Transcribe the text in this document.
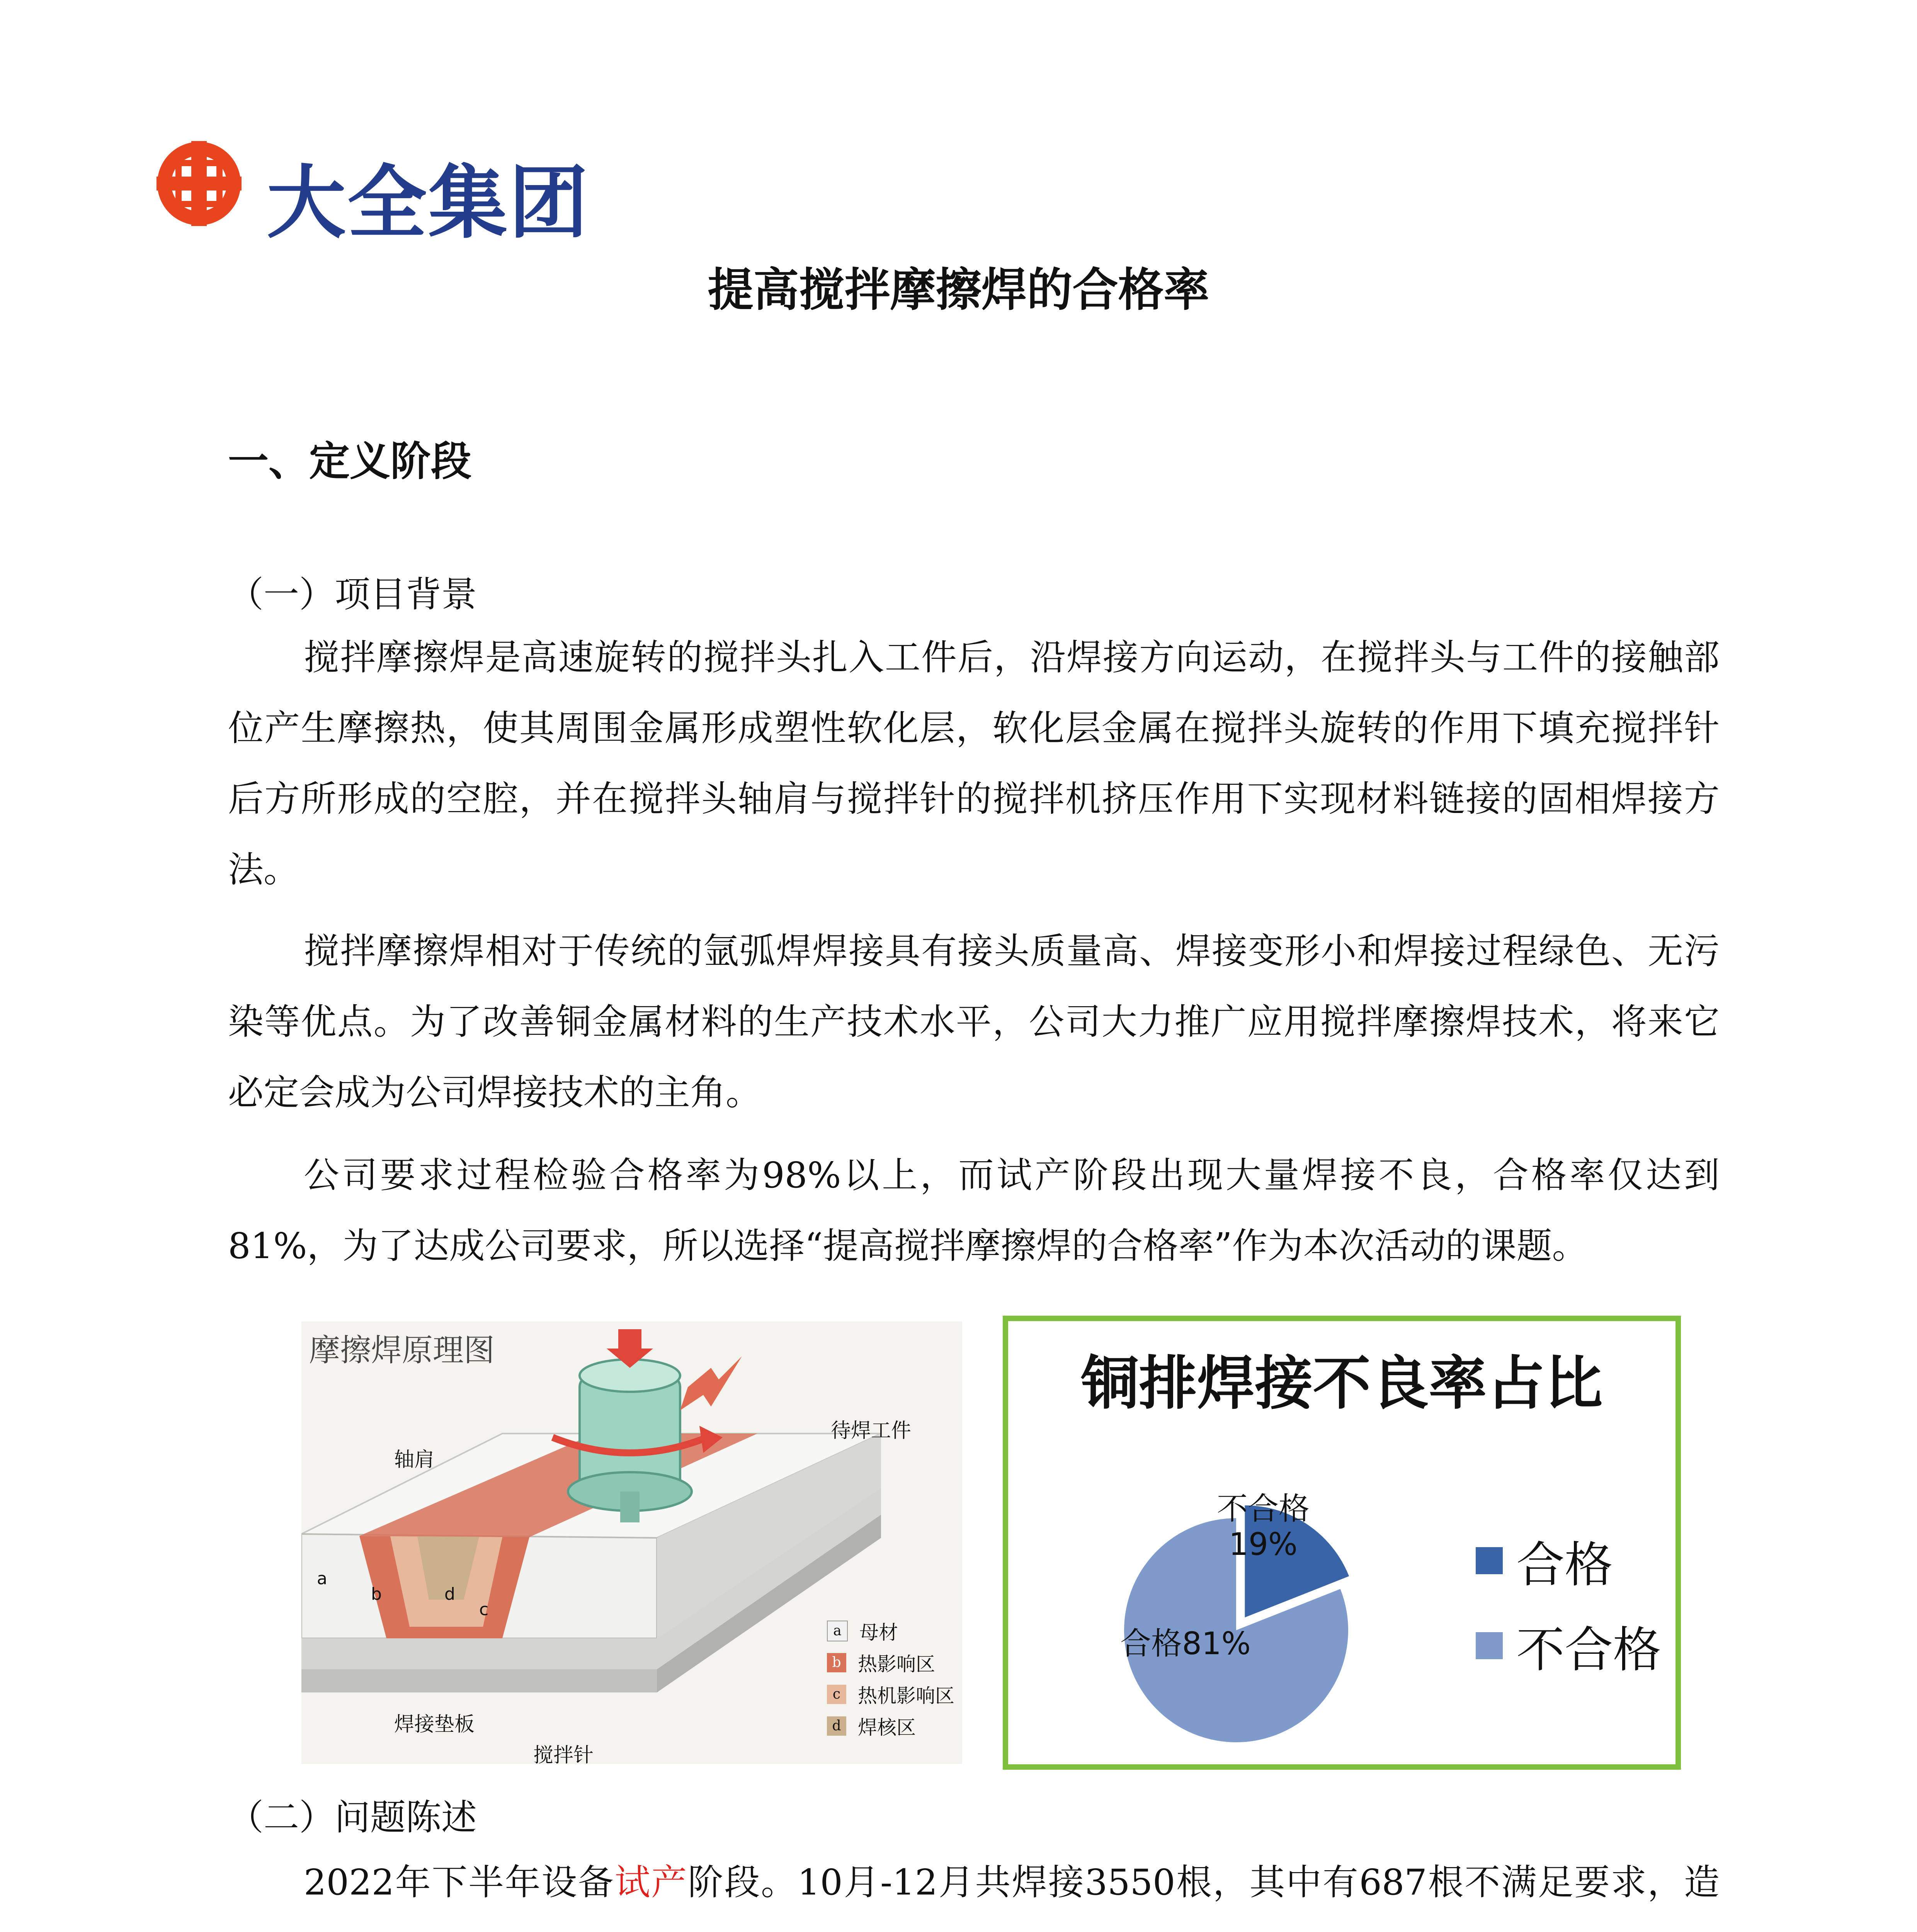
大全集团
提高搅拌摩擦焊的合格率
一、定义阶段
（一）项目背景
搅拌摩擦焊是高速旋转的搅拌头扎入工件后，沿焊接方向运动，在搅拌头与工件的接触部位产生摩擦热，使其周围金属形成塑性软化层，软化层金属在搅拌头旋转的作用下填充搅拌针后方所形成的空腔，并在搅拌头轴肩与搅拌针的搅拌机挤压作用下实现材料链接的固相焊接方法。
搅拌摩擦焊相对于传统的氩弧焊焊接具有接头质量高、焊接变形小和焊接过程绿色、无污染等优点。为了改善铜金属材料的生产技术水平，公司大力推广应用搅拌摩擦焊技术，将来它必定会成为公司焊接技术的主角。
公司要求过程检验合格率为98%以上，而试产阶段出现大量焊接不良，合格率仅达到81%，为了达成公司要求，所以选择“提高搅拌摩擦焊的合格率”作为本次活动的课题。
摩擦焊原理图
轴肩
待焊工件
焊接垫板
搅拌针
a
b
c
d
a 母材
b 热影响区
c 热机影响区
d 焊核区
铜排焊接不良率占比
不合格19%
合格81%
合格
不合格
（二）问题陈述
2022年下半年设备试产阶段。10月-12月共焊接3550根，其中有687根不满足要求，造
